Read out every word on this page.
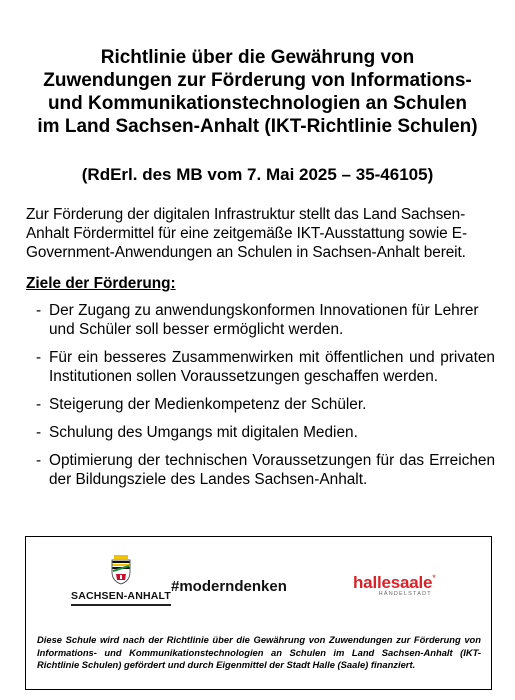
Richtlinie über die Gewährung von
Zuwendungen zur Förderung von Informations-
und Kommunikationstechnologien an Schulen
im Land Sachsen-Anhalt (IKT-Richtlinie Schulen)

(RdErl. des MB vom 7. Mai 2025 – 35-46105)

Zur Förderung der digitalen Infrastruktur stellt das Land Sachsen-Anhalt Fördermittel für eine zeitgemäße IKT-Ausstattung sowie E-Government-Anwendungen an Schulen in Sachsen-Anhalt bereit.

Ziele der Förderung:

- Der Zugang zu anwendungskonformen Innovationen für Lehrer und Schüler soll besser ermöglicht werden.
- Für ein besseres Zusammenwirken mit öffentlichen und privaten Institutionen sollen Voraussetzungen geschaffen werden.
- Steigerung der Medienkompetenz der Schüler.
- Schulung des Umgangs mit digitalen Medien.
- Optimierung der technischen Voraussetzungen für das Erreichen der Bildungsziele des Landes Sachsen-Anhalt.
SACHSEN-ANHALT
#moderndenken	hallesaale*
HÄNDELSTADT

Diese Schule wird nach der Richtlinie über die Gewährung von Zuwendungen zur Förderung von Informations- und Kommunikationstechnologien an Schulen im Land Sachsen-Anhalt (IKT-Richtlinie Schulen) gefördert und durch Eigenmittel der Stadt Halle (Saale) finanziert.
